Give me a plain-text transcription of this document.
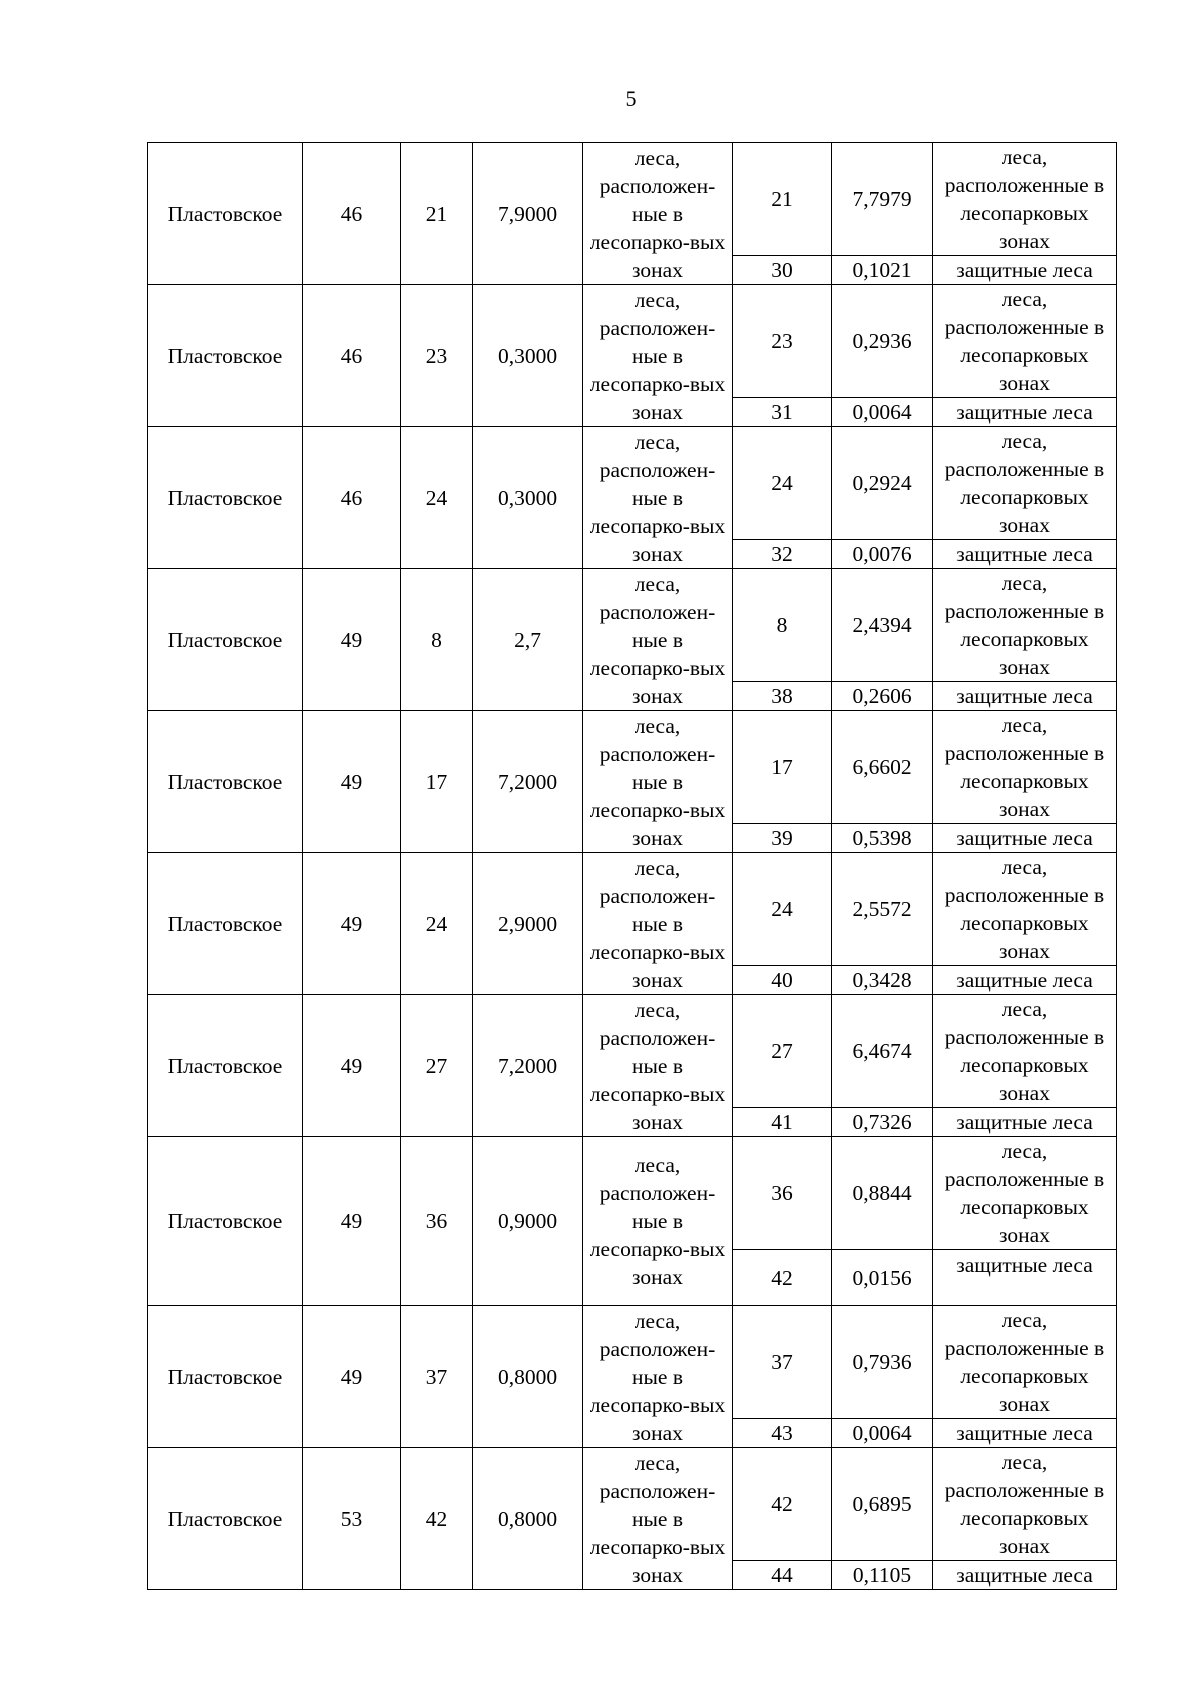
5
Пластовское	46	21	7,9000	леса, расположен-ные в лесопарко-вых зонах	21	7,7979	леса, расположенные в лесопарковых зонах
					30	0,1021	защитные леса
Пластовское	46	23	0,3000	леса, расположен-ные в лесопарко-вых зонах	23	0,2936	леса, расположенные в лесопарковых зонах
					31	0,0064	защитные леса
Пластовское	46	24	0,3000	леса, расположен-ные в лесопарко-вых зонах	24	0,2924	леса, расположенные в лесопарковых зонах
					32	0,0076	защитные леса
Пластовское	49	8	2,7	леса, расположен-ные в лесопарко-вых зонах	8	2,4394	леса, расположенные в лесопарковых зонах
					38	0,2606	защитные леса
Пластовское	49	17	7,2000	леса, расположен-ные в лесопарко-вых зонах	17	6,6602	леса, расположенные в лесопарковых зонах
					39	0,5398	защитные леса
Пластовское	49	24	2,9000	леса, расположен-ные в лесопарко-вых зонах	24	2,5572	леса, расположенные в лесопарковых зонах
					40	0,3428	защитные леса
Пластовское	49	27	7,2000	леса, расположен-ные в лесопарко-вых зонах	27	6,4674	леса, расположенные в лесопарковых зонах
					41	0,7326	защитные леса
Пластовское	49	36	0,9000	леса, расположен-ные в лесопарко-вых зонах	36	0,8844	леса, расположенные в лесопарковых зонах
					42	0,0156	защитные леса
Пластовское	49	37	0,8000	леса, расположен-ные в лесопарко-вых зонах	37	0,7936	леса, расположенные в лесопарковых зонах
					43	0,0064	защитные леса
Пластовское	53	42	0,8000	леса, расположен-ные в лесопарко-вых зонах	42	0,6895	леса, расположенные в лесопарковых зонах
					44	0,1105	защитные леса
